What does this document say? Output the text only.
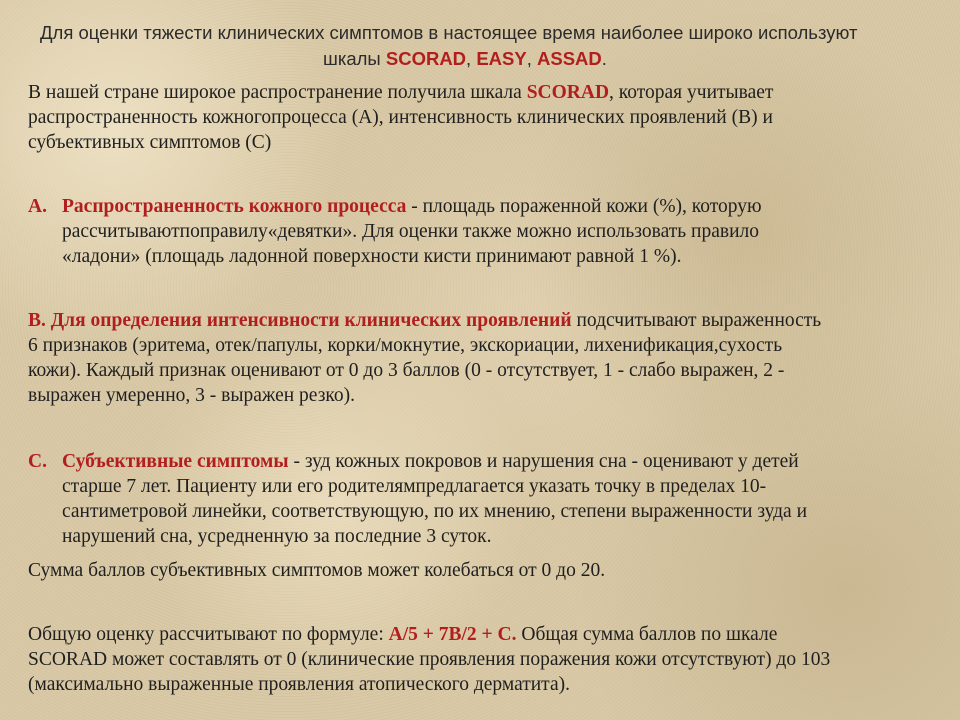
Для оценки тяжести клинических симптомов в настоящее время наиболее широко используют

шкалы SCORAD, EASY, ASSAD.

В нашей стране широкое распространение получила шкала SCORAD, которая учитывает

распространенность кожногопроцесса (А), интенсивность клинических проявлений (В) и

субъективных симптомов (С)

A. Распространенность кожного процесса - площадь пораженной кожи (%), которую

рассчитываютпоправилу«девятки». Для оценки также можно использовать правило

«ладони» (площадь ладонной поверхности кисти принимают равной 1 %).

В. Для определения интенсивности клинических проявлений подсчитывают выраженность

6 признаков (эритема, отек/папулы, корки/мокнутие, экскориации, лихенификация,сухость

кожи). Каждый признак оценивают от 0 до 3 баллов (0 - отсутствует, 1 - слабо выражен, 2 -

выражен умеренно, 3 - выражен резко).

C. Субъективные симптомы - зуд кожных покровов и нарушения сна - оценивают у детей

старше 7 лет. Пациенту или его родителямпредлагается указать точку в пределах 10-

сантиметровой линейки, соответствующую, по их мнению, степени выраженности зуда и

нарушений сна, усредненную за последние 3 суток.

Сумма баллов субъективных симптомов может колебаться от 0 до 20.

Общую оценку рассчитывают по формуле: A/5 + 7B/2 + C. Общая сумма баллов по шкале

SCORAD может составлять от 0 (клинические проявления поражения кожи отсутствуют) до 103

(максимально выраженные проявления атопического дерматита).
